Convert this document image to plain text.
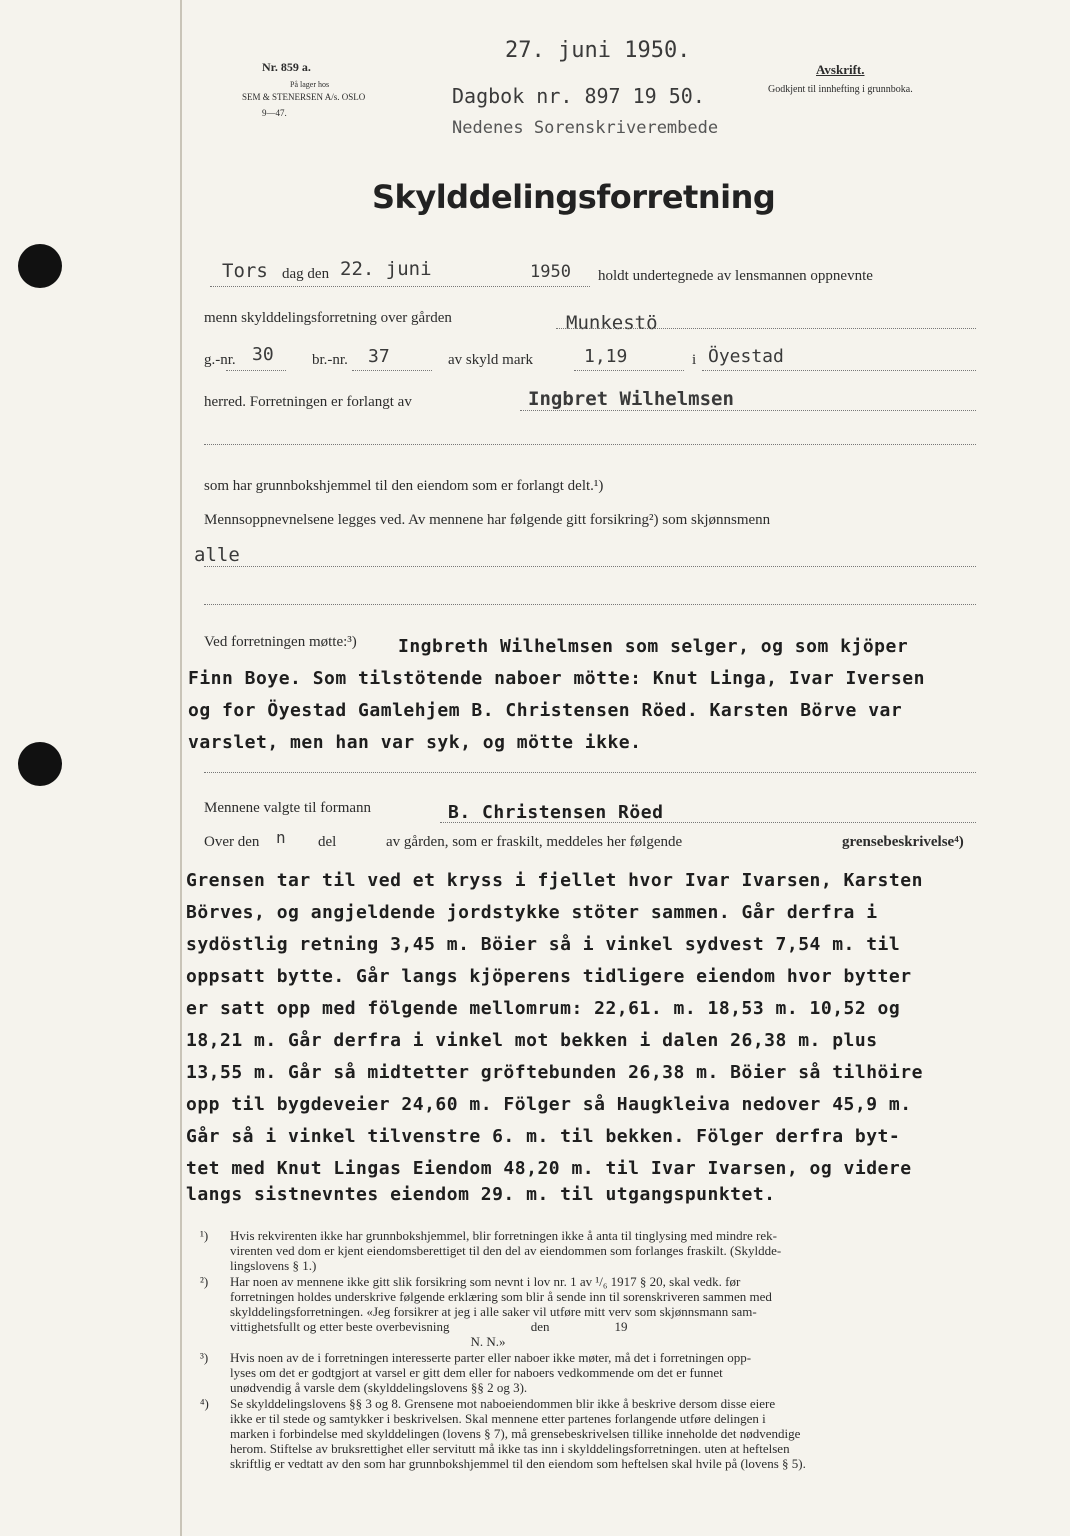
27. juni 1950.
Nr. 859 a.
På lager hos
SEM & STENERSEN A/s. OSLO
9—47.
Dagbok nr. 897 19 50.
Nedenes Sorenskriverembede
Avskrift.
Godkjent til innhefting i grunnboka.
Skylddelingsforretning
Tors dag den 22. juni	1950 holdt undertegnede av lensmannen oppnevnte
menn skylddelingsforretning over gården	Munkestö
g.-nr. 30	br.-nr. 37	av skyld mark	1,19	i Öyestad
herred. Forretningen er forlangt av	Ingbret Wilhelmsen
som har grunnbokshjemmel til den eiendom som er forlangt delt.¹)
Mennsoppnevnelsene legges ved. Av mennene har følgende gitt forsikring²) som skjønnsmenn
alle
Ved forretningen møtte:³) Ingbreth Wilhelmsen som selger, og som kjöper
Finn Boye. Som tilstötende naboer mötte: Knut Linga, Ivar Iversen
og for Öyestad Gamlehjem B. Christensen Röed. Karsten Börve var
varslet, men han var syk, og mötte ikke.
Mennene valgte til formann	B. Christensen Röed
Over den n del	av gården, som er fraskilt, meddeles her følgende	grensebeskrivelse⁴)
Grensen tar til ved et kryss i fjellet hvor Ivar Ivarsen, Karsten
Börves, og angjeldende jordstykke stöter sammen. Går derfra i
sydöstlig retning 3,45 m. Böier så i vinkel sydvest 7,54 m. til
oppsatt bytte. Går langs kjöperens tidligere eiendom hvor bytter
er satt opp med fölgende mellomrum: 22,61. m. 18,53 m. 10,52 og
18,21 m. Går derfra i vinkel mot bekken i dalen 26,38 m. plus
13,55 m. Går så midtetter gröftebunden 26,38 m. Böier så tilhöire
opp til bygdeveier 24,60 m. Fölger så Haugkleiva nedover 45,9 m.
Går så i vinkel tilvenstre 6. m. til bekken. Fölger derfra byt-
tet med Knut Lingas Eiendom 48,20 m. til Ivar Ivarsen, og videre
langs sistnevntes eiendom 29. m. til utgangspunktet.
¹) Hvis rekvirenten ikke har grunnbokshjemmel, blir forretningen ikke å anta til tinglysing med mindre rek-
virenten ved dom er kjent eiendomsberettiget til den del av eiendommen som forlanges fraskilt. (Skyldde-
lingslovens § 1.)
²) Har noen av mennene ikke gitt slik forsikring som nevnt i lov nr. 1 av ¹/₆ 1917 § 20, skal vedk. før
forretningen holdes underskrive følgende erklæring som blir å sende inn til sorenskriveren sammen med
skylddelingsforretningen. «Jeg forsikrer at jeg i alle saker vil utføre mitt verv som skjønnsmann sam-
vittighetsfullt og etter beste overbevisning                         den                    19
N. N.»
³) Hvis noen av de i forretningen interesserte parter eller naboer ikke møter, må det i forretningen opp-
lyses om det er godtgjort at varsel er gitt dem eller for naboers vedkommende om det er funnet
unødvendig å varsle dem (skylddelingslovens §§ 2 og 3).
⁴) Se skylddelingslovens §§ 3 og 8. Grensene mot naboeiendommen blir ikke å beskrive dersom disse eiere
ikke er til stede og samtykker i beskrivelsen. Skal mennene etter partenes forlangende utføre delingen i
marken i forbindelse med skylddelingen (lovens § 7), må grensebeskrivelsen tillike inneholde det nødvendige
herom. Stiftelse av bruksrettighet eller servitutt må ikke tas inn i skylddelingsforretningen. uten at heftelsen
skriftlig er vedtatt av den som har grunnbokshjemmel til den eiendom som heftelsen skal hvile på (lovens § 5).
